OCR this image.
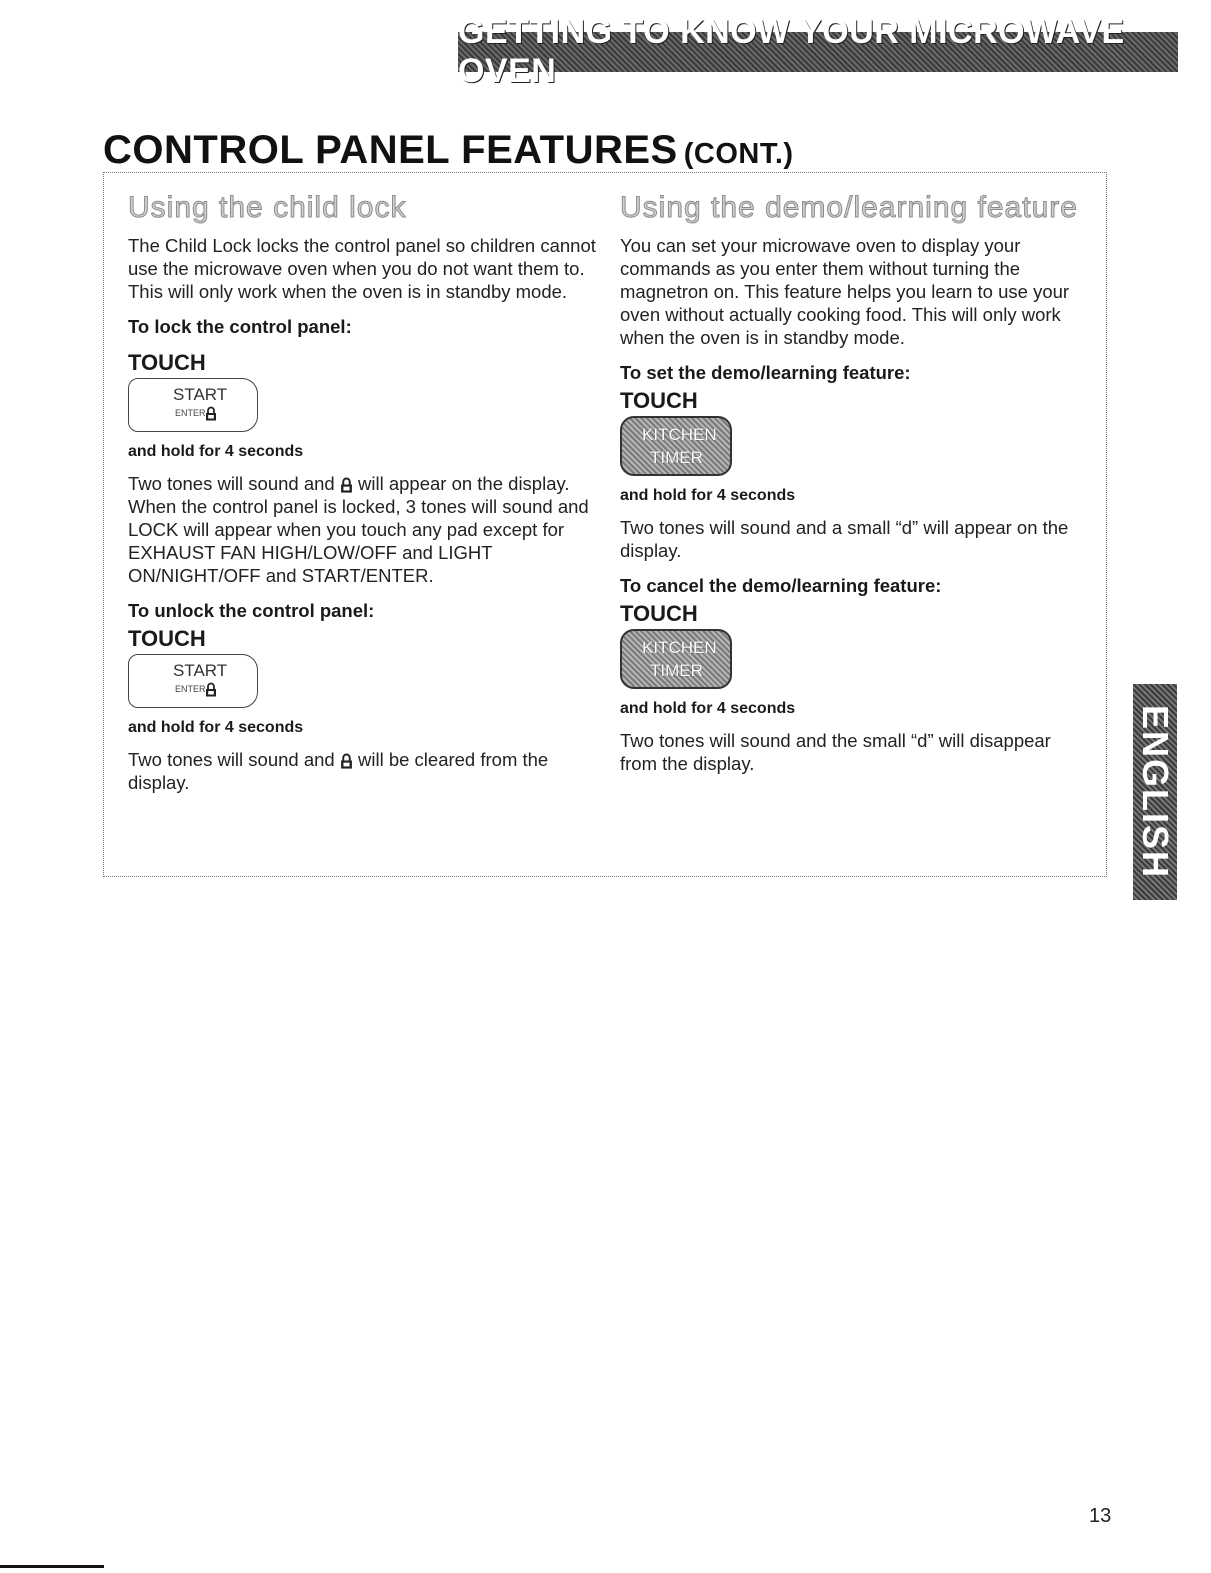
GETTING TO KNOW YOUR MICROWAVE OVEN
CONTROL PANEL FEATURES (CONT.)
Using the child lock

The Child Lock locks the control panel so children cannot use the microwave oven when you do not want them to. This will only work when the oven is in standby mode.

To lock the control panel:
TOUCH
START
ENTER
and hold for 4 seconds

Two tones will sound and will appear on the display. When the control panel is locked, 3 tones will sound and LOCK will appear when you touch any pad except for EXHAUST FAN HIGH/LOW/OFF and LIGHT ON/NIGHT/OFF and START/ENTER.

To unlock the control panel:
TOUCH
START
ENTER
and hold for 4 seconds

Two tones will sound and will be cleared from the display.

Using the demo/learning feature

You can set your microwave oven to display your commands as you enter them without turning the magnetron on. This feature helps you learn to use your oven without actually cooking food. This will only work when the oven is in standby mode.

To set the demo/learning feature:
TOUCH
KITCHEN
TIMER
and hold for 4 seconds

Two tones will sound and a small “d” will appear on the display.

To cancel the demo/learning feature:
TOUCH
KITCHEN
TIMER
and hold for 4 seconds

Two tones will sound and the small “d” will disappear from the display.	ENGLISH
13
